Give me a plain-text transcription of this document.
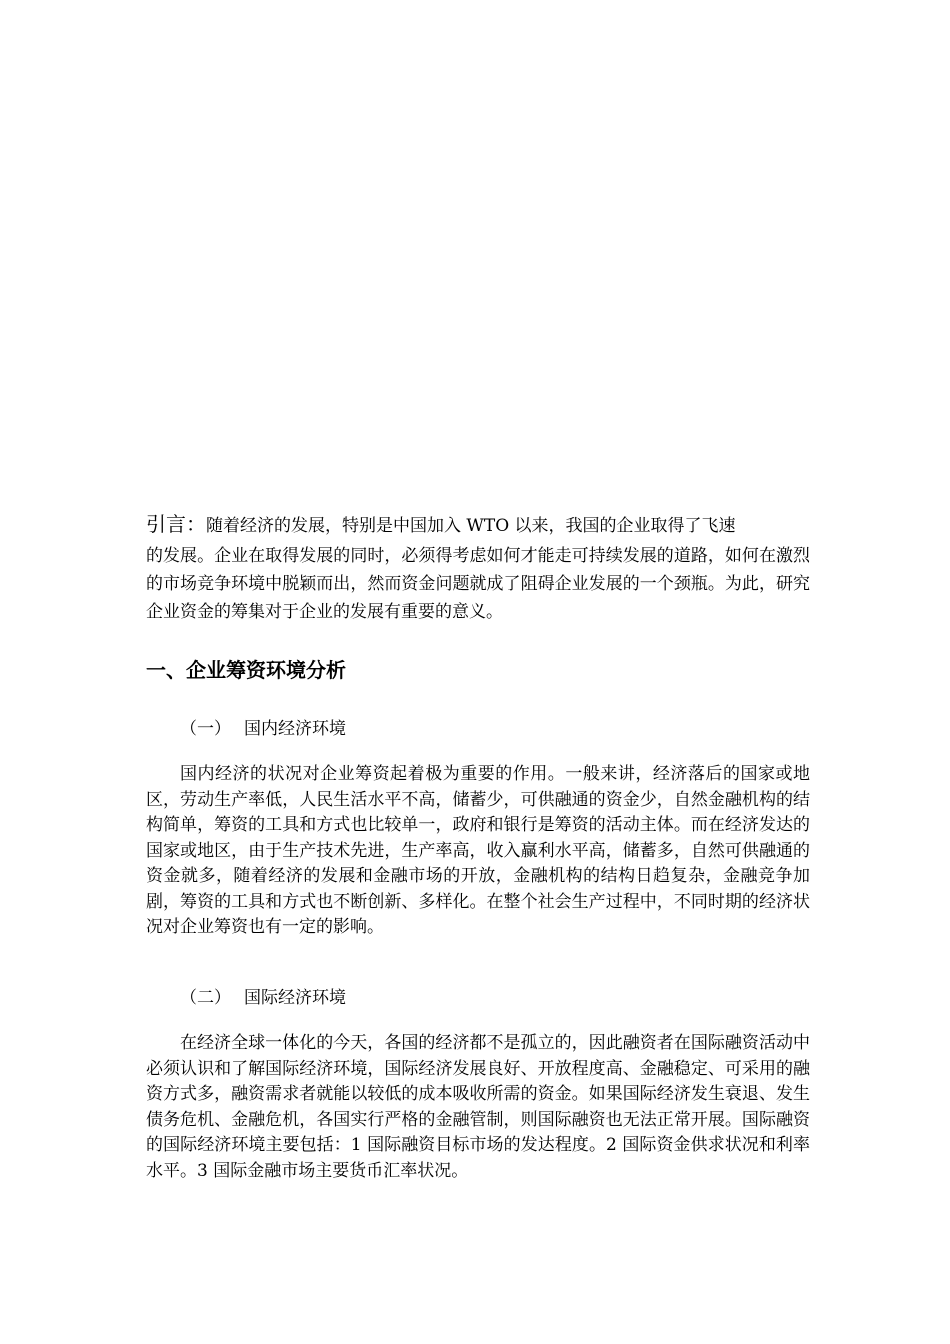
引言：随着经济的发展，特别是中国加入 WTO 以来，我国的企业取得了飞速

的发展。企业在取得发展的同时，必须得考虑如何才能走可持续发展的道路，如何在激烈的市场竞争环境中脱颖而出，然而资金问题就成了阻碍企业发展的一个颈瓶。为此，研究企业资金的筹集对于企业的发展有重要的意义。

一、企业筹资环境分析
（一） 国内经济环境

国内经济的状况对企业筹资起着极为重要的作用。一般来讲，经济落后的国家或地区，劳动生产率低，人民生活水平不高，储蓄少，可供融通的资金少，自然金融机构的结构简单，筹资的工具和方式也比较单一，政府和银行是筹资的活动主体。而在经济发达的国家或地区，由于生产技术先进，生产率高，收入赢利水平高，储蓄多，自然可供融通的资金就多，随着经济的发展和金融市场的开放，金融机构的结构日趋复杂，金融竞争加剧，筹资的工具和方式也不断创新、多样化。在整个社会生产过程中，不同时期的经济状况对企业筹资也有一定的影响。

（二） 国际经济环境

在经济全球一体化的今天，各国的经济都不是孤立的，因此融资者在国际融资活动中必须认识和了解国际经济环境，国际经济发展良好、开放程度高、金融稳定、可采用的融资方式多，融资需求者就能以较低的成本吸收所需的资金。如果国际经济发生衰退、发生债务危机、金融危机，各国实行严格的金融管制，则国际融资也无法正常开展。国际融资的国际经济环境主要包括：1 国际融资目标市场的发达程度。2 国际资金供求状况和利率水平。3 国际金融市场主要货币汇率状况。
